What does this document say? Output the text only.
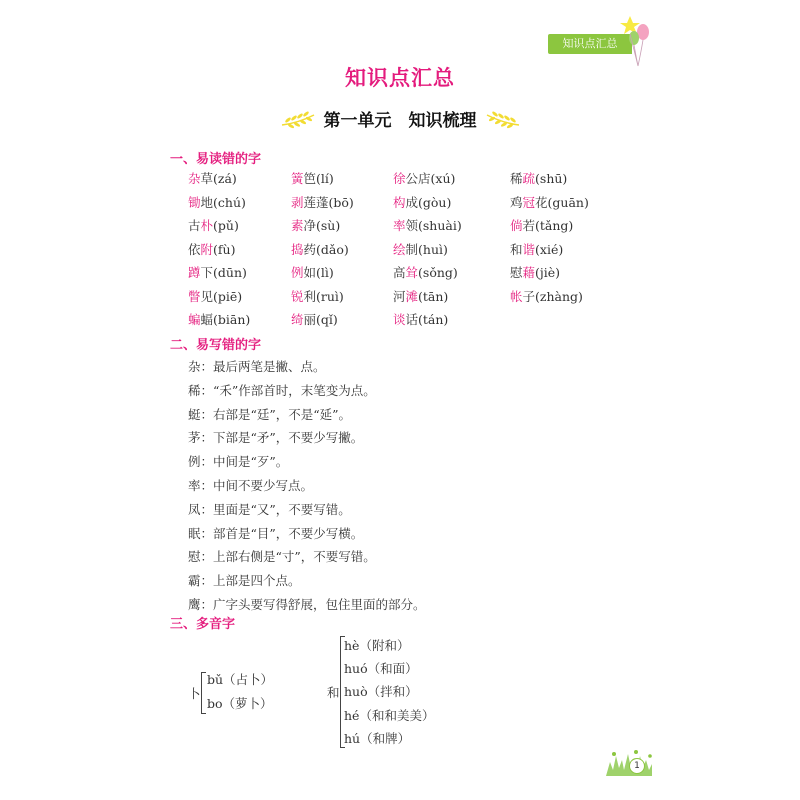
知识点汇总
知识点汇总
第一单元　知识梳理
一、易读错的字
杂草(zá)	簧笆(lí)	徐公店(xú)	稀疏(shū)
锄地(chú)	剥莲蓬(bō)	构成(gòu)	鸡冠花(guān)
古朴(pǔ)	素净(sù)	率领(shuài)	倘若(tǎng)
依附(fù)	捣药(dǎo)	绘制(huì)	和谐(xié)
蹲下(dūn)	例如(lì)	高耸(sǒng)	慰藉(jiè)
瞥见(piē)	锐利(ruì)	河滩(tān)	帐子(zhàng)
蝙蝠(biān)	绮丽(qǐ)	谈话(tán)
二、易写错的字
杂：最后两笔是撇、点。
稀：“禾”作部首时，末笔变为点。
蜓：右部是“廷”，不是“延”。
茅：下部是“矛”，不要少写撇。
例：中间是“歹”。
率：中间不要少写点。
凤：里面是“又”，不要写错。
眠：部首是“目”，不要少写横。
慰：上部右侧是“寸”，不要写错。
霸：上部是四个点。
鹰：广字头要写得舒展，包住里面的部分。
三、多音字
卜
bǔ（占卜）
bo（萝卜）
和
hè（附和）
huó（和面）
huò（拌和）
hé（和和美美）
hú（和牌）
1
